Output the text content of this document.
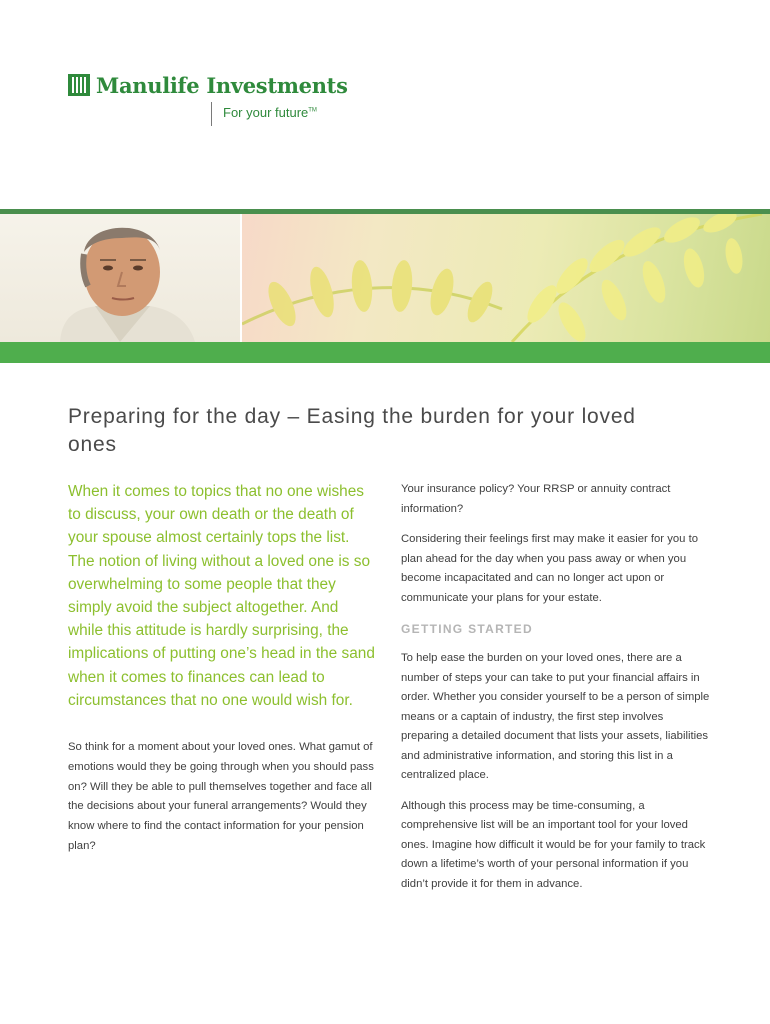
Manulife Investments
For your future™
Preparing for the day – Easing the burden for your loved ones

When it comes to topics that no one wishes to discuss, your own death or the death of your spouse almost certainly tops the list. The notion of living without a loved one is so overwhelming to some people that they simply avoid the subject altogether. And while this attitude is hardly surprising, the implications of putting one’s head in the sand when it comes to finances can lead to circumstances that no one would wish for.

So think for a moment about your loved ones. What gamut of emotions would they be going through when you should pass on? Will they be able to pull themselves together and face all the decisions about your funeral arrangements? Would they know where to find the contact information for your pension plan?

Your insurance policy? Your RRSP or annuity contract information?

Considering their feelings first may make it easier for you to plan ahead for the day when you pass away or when you become incapacitated and can no longer act upon or communicate your plans for your estate.

GETTING STARTED

To help ease the burden on your loved ones, there are a number of steps your can take to put your financial affairs in order. Whether you consider yourself to be a person of simple means or a captain of industry, the first step involves preparing a detailed document that lists your assets, liabilities and administrative information, and storing this list in a centralized place.

Although this process may be time-consuming, a comprehensive list will be an important tool for your loved ones. Imagine how difficult it would be for your family to track down a lifetime’s worth of your personal information if you didn’t provide it for them in advance.
